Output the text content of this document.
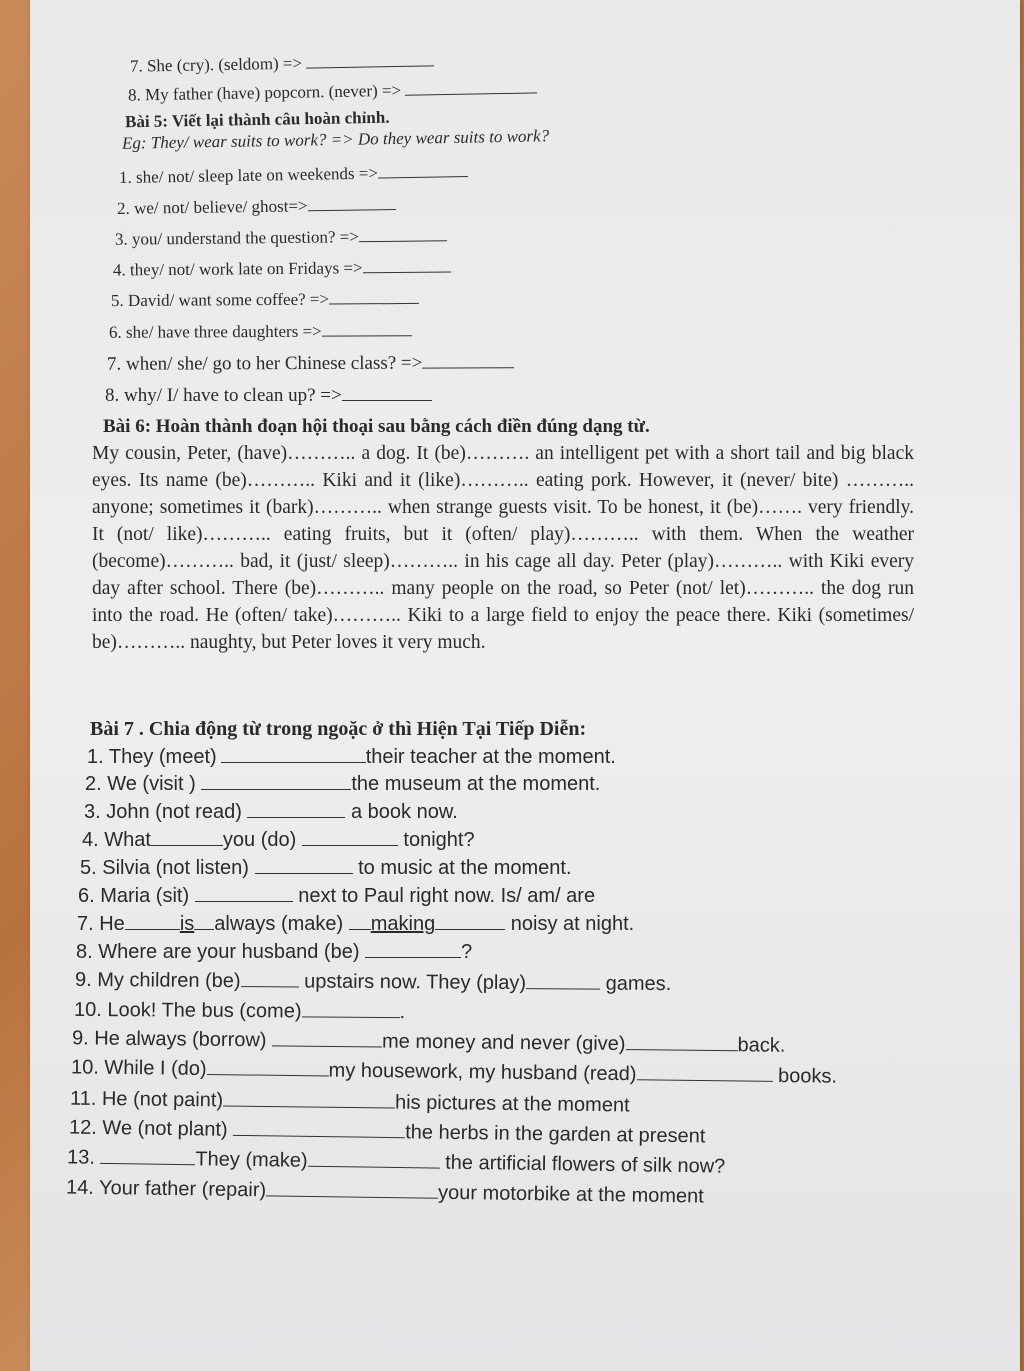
7. She (cry). (seldom) =>
8. My father (have) popcorn. (never) =>
Bài 5: Viết lại thành câu hoàn chỉnh.
Eg: They/ wear suits to work? => Do they wear suits to work?
1. she/ not/ sleep late on weekends =>
2. we/ not/ believe/ ghost=>
3. you/ understand the question? =>
4. they/ not/ work late on Fridays =>
5. David/ want some coffee? =>
6. she/ have three daughters =>
7. when/ she/ go to her Chinese class? =>
8. why/ I/ have to clean up? =>
Bài 6: Hoàn thành đoạn hội thoại sau bằng cách điền đúng dạng từ.

My cousin, Peter, (have)……….. a dog. It (be)………. an intelligent pet with a short tail and big black eyes. Its name (be)……….. Kiki and it (like)……….. eating pork. However, it (never/ bite) ……….. anyone; sometimes it (bark)……….. when strange guests visit. To be honest, it (be)……. very friendly. It (not/ like)……….. eating fruits, but it (often/ play)……….. with them. When the weather (become)……….. bad, it (just/ sleep)……….. in his cage all day. Peter (play)……….. with Kiki every day after school. There (be)……….. many people on the road, so Peter (not/ let)……….. the dog run into the road. He (often/ take)……….. Kiki to a large field to enjoy the peace there. Kiki (sometimes/ be)……….. naughty, but Peter loves it very much.

Bài 7 . Chia động từ trong ngoặc ở thì Hiện Tại Tiếp Diễn:
1. They (meet)	their teacher at the moment.
2. We (visit )	the museum at the moment.
3. John (not read)	a book now.
4. What	you (do)	tonight?
5. Silvia (not listen)	to music at the moment.
6. Maria (sit)	next to Paul right now. Is/ am/ are
7. He	is always (make) making	noisy at night.
8. Where are your husband (be)	?
9. My children (be)	upstairs now. They (play)	games.
10. Look! The bus (come)	.
9. He always (borrow)	me money and never (give)	back.
10. While I (do)	my housework, my husband (read)	books.
11. He (not paint)	his pictures at the moment
12. We (not plant)	the herbs in the garden at present
13.	They (make)	the artificial flowers of silk now?
14. Your father (repair)	your motorbike at the moment
